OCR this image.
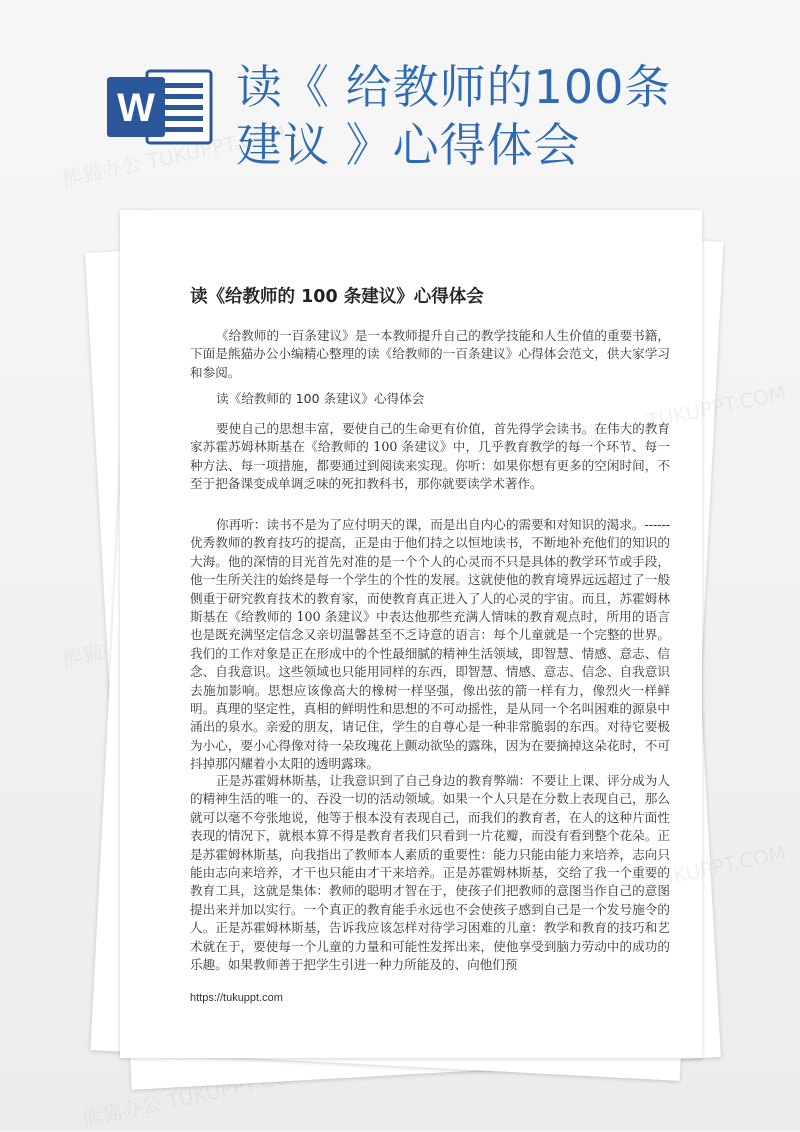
W 读《 给教师的100条
建议 》心得体会
读《给教师的 100 条建议》心得体会

《给教师的一百条建议》是一本教师提升自己的教学技能和人生价值的重要书籍，下面是熊猫办公小编精心整理的读《给教师的一百条建议》心得体会范文，供大家学习和参阅。

读《给教师的 100 条建议》心得体会

要使自己的思想丰富，要使自己的生命更有价值，首先得学会读书。在伟大的教育家苏霍苏姆林斯基在《给教师的 100 条建议》中，几乎教育教学的每一个环节、每一种方法、每一项措施，都要通过到阅读来实现。你听：如果你想有更多的空闲时间，不至于把备课变成单调乏味的死扣教科书，那你就要读学术著作。

你再听：读书不是为了应付明天的课，而是出自内心的需要和对知识的渴求。------优秀教师的教育技巧的提高，正是由于他们持之以恒地读书，不断地补充他们的知识的大海。他的深情的目光首先对准的是一个个人的心灵而不只是具体的教学环节或手段，他一生所关注的始终是每一个学生的个性的发展。这就使他的教育境界远远超过了一般侧重于研究教育技术的教育家，而使教育真正进入了人的心灵的宇宙。而且，苏霍姆林斯基在《给教师的 100 条建议》中表达他那些充满人情味的教育观点时，所用的语言也是既充满坚定信念又亲切温馨甚至不乏诗意的语言：每个儿童就是一个完整的世界。我们的工作对象是正在形成中的个性最细腻的精神生活领域，即智慧、情感、意志、信念、自我意识。这些领域也只能用同样的东西，即智慧、情感、意志、信念、自我意识去施加影响。思想应该像高大的橡树一样坚强，像出弦的箭一样有力，像烈火一样鲜明。真理的坚定性，真相的鲜明性和思想的不可动摇性，是从同一个名叫困难的源泉中涌出的泉水。亲爱的朋友，请记住，学生的自尊心是一种非常脆弱的东西。对待它要极为小心，要小心得像对待一朵玫瑰花上颤动欲坠的露珠，因为在要摘掉这朵花时，不可抖掉那闪耀着小太阳的透明露珠。

正是苏霍姆林斯基，让我意识到了自己身边的教育弊端：不要让上课、评分成为人的精神生活的唯一的、吞没一切的活动领域。如果一个人只是在分数上表现自己，那么就可以毫不夸张地说，他等于根本没有表现自己，而我们的教育者，在人的这种片面性表现的情况下，就根本算不得是教育者我们只看到一片花瓣，而没有看到整个花朵。正是苏霍姆林斯基，向我指出了教师本人素质的重要性：能力只能由能力来培养，志向只能由志向来培养，才干也只能由才干来培养。正是苏霍姆林斯基，交给了我一个重要的教育工具，这就是集体：教师的聪明才智在于，使孩子们把教师的意图当作自己的意图提出来并加以实行。一个真正的教育能手永远也不会使孩子感到自己是一个发号施令的人。正是苏霍姆林斯基，告诉我应该怎样对待学习困难的儿童：教学和教育的技巧和艺术就在于，要使每一个儿童的力量和可能性发挥出来，使他享受到脑力劳动中的成功的乐趣。如果教师善于把学生引进一种力所能及的、向他们预

https://tukuppt.com
